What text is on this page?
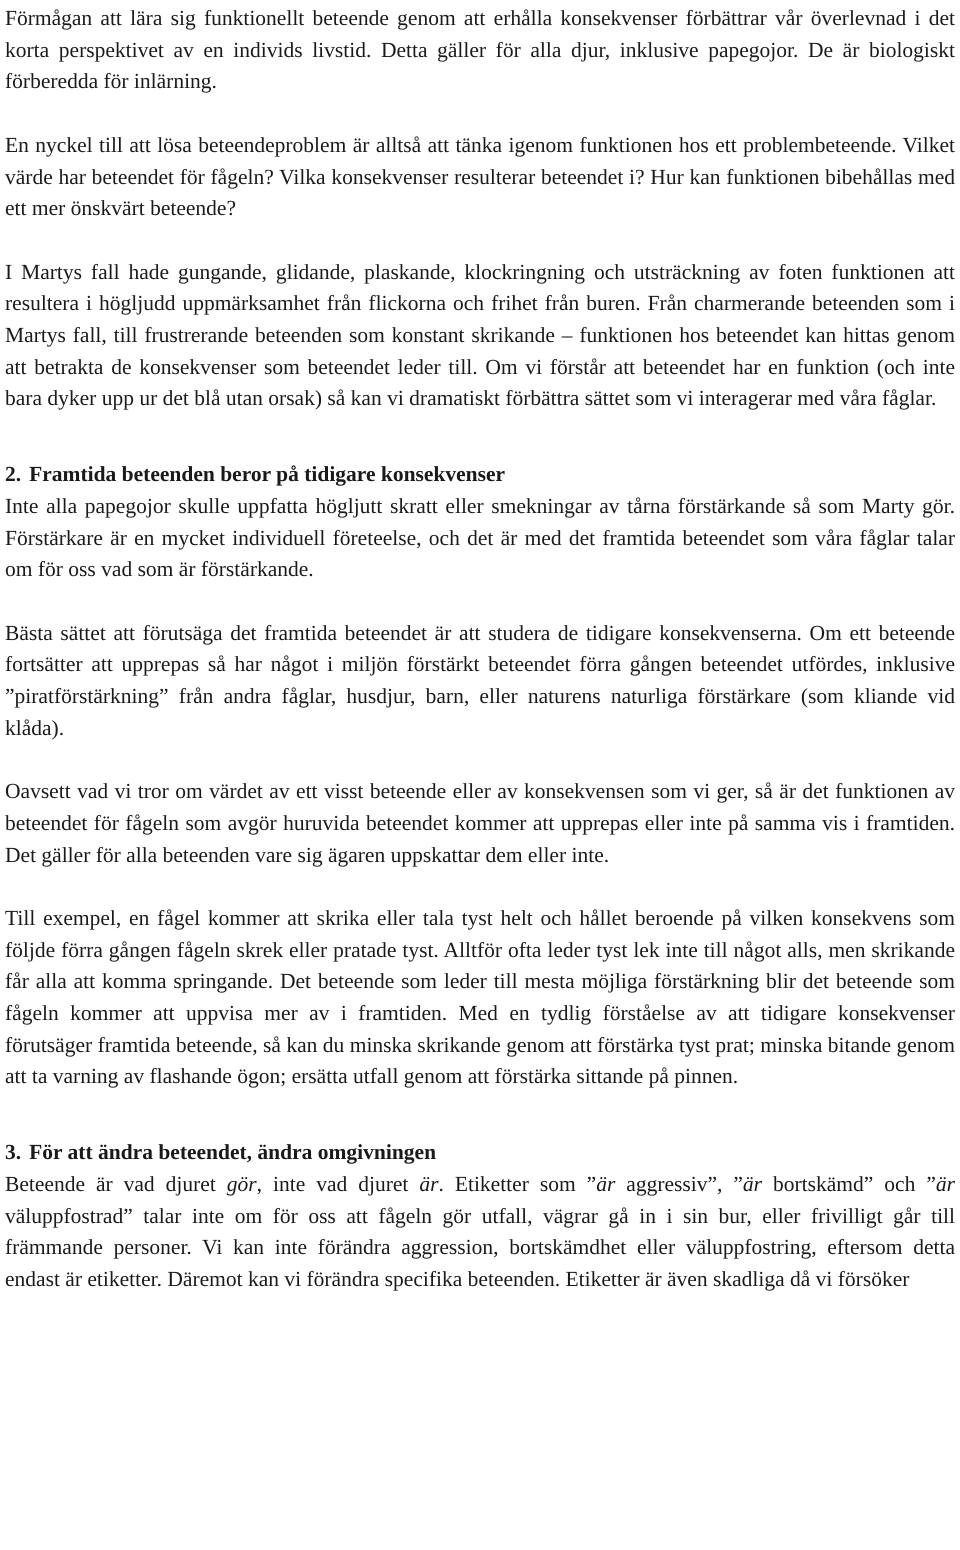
Förmågan att lära sig funktionellt beteende genom att erhålla konsekvenser förbättrar vår överlevnad i det korta perspektivet av en individs livstid. Detta gäller för alla djur, inklusive papegojor. De är biologiskt förberedda för inlärning.

En nyckel till att lösa beteendeproblem är alltså att tänka igenom funktionen hos ett problembeteende. Vilket värde har beteendet för fågeln? Vilka konsekvenser resulterar beteendet i? Hur kan funktionen bibehållas med ett mer önskvärt beteende?

I Martys fall hade gungande, glidande, plaskande, klockringning och utsträckning av foten funktionen att resultera i högljudd uppmärksamhet från flickorna och frihet från buren. Från charmerande beteenden som i Martys fall, till frustrerande beteenden som konstant skrikande – funktionen hos beteendet kan hittas genom att betrakta de konsekvenser som beteendet leder till. Om vi förstår att beteendet har en funktion (och inte bara dyker upp ur det blå utan orsak) så kan vi dramatiskt förbättra sättet som vi interagerar med våra fåglar.

2. Framtida beteenden beror på tidigare konsekvenser

Inte alla papegojor skulle uppfatta högljutt skratt eller smekningar av tårna förstärkande så som Marty gör. Förstärkare är en mycket individuell företeelse, och det är med det framtida beteendet som våra fåglar talar om för oss vad som är förstärkande.

Bästa sättet att förutsäga det framtida beteendet är att studera de tidigare konsekvenserna. Om ett beteende fortsätter att upprepas så har något i miljön förstärkt beteendet förra gången beteendet utfördes, inklusive ”piratförstärkning” från andra fåglar, husdjur, barn, eller naturens naturliga förstärkare (som kliande vid klåda).

Oavsett vad vi tror om värdet av ett visst beteende eller av konsekvensen som vi ger, så är det funktionen av beteendet för fågeln som avgör huruvida beteendet kommer att upprepas eller inte på samma vis i framtiden. Det gäller för alla beteenden vare sig ägaren uppskattar dem eller inte.

Till exempel, en fågel kommer att skrika eller tala tyst helt och hållet beroende på vilken konsekvens som följde förra gången fågeln skrek eller pratade tyst. Alltför ofta leder tyst lek inte till något alls, men skrikande får alla att komma springande. Det beteende som leder till mesta möjliga förstärkning blir det beteende som fågeln kommer att uppvisa mer av i framtiden. Med en tydlig förståelse av att tidigare konsekvenser förutsäger framtida beteende, så kan du minska skrikande genom att förstärka tyst prat; minska bitande genom att ta varning av flashande ögon; ersätta utfall genom att förstärka sittande på pinnen.

3. För att ändra beteendet, ändra omgivningen

Beteende är vad djuret gör, inte vad djuret är. Etiketter som ”är aggressiv”, ”är bortskämd” och ”är väluppfostrad” talar inte om för oss att fågeln gör utfall, vägrar gå in i sin bur, eller frivilligt går till främmande personer. Vi kan inte förändra aggression, bortskämdhet eller väluppfostring, eftersom detta endast är etiketter. Däremot kan vi förändra specifika beteenden. Etiketter är även skadliga då vi försöker
